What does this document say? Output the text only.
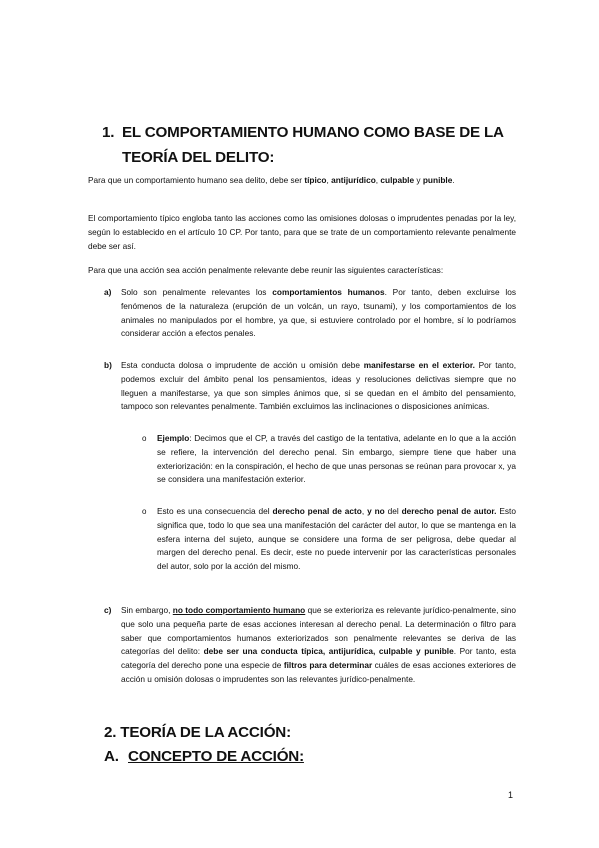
1. EL COMPORTAMIENTO HUMANO COMO BASE DE LA TEORÍA DEL DELITO:

Para que un comportamiento humano sea delito, debe ser típico, antijurídico, culpable y punible.

El comportamiento típico engloba tanto las acciones como las omisiones dolosas o imprudentes penadas por la ley, según lo establecido en el artículo 10 CP. Por tanto, para que se trate de un comportamiento relevante penalmente debe ser así.

Para que una acción sea acción penalmente relevante debe reunir las siguientes características:

a)	Solo son penalmente relevantes los comportamientos humanos. Por tanto, deben excluirse los fenómenos de la naturaleza (erupción de un volcán, un rayo, tsunami), y los comportamientos de los animales no manipulados por el hombre, ya que, si estuviere controlado por el hombre, sí lo podríamos considerar acción a efectos penales.
b)	Esta conducta dolosa o imprudente de acción u omisión debe manifestarse en el exterior. Por tanto, podemos excluir del ámbito penal los pensamientos, ideas y resoluciones delictivas siempre que no lleguen a manifestarse, ya que son simples ánimos que, si se quedan en el ámbito del pensamiento, tampoco son relevantes penalmente. También excluimos las inclinaciones o disposiciones anímicas.
o	Ejemplo: Decimos que el CP, a través del castigo de la tentativa, adelante en lo que a la acción se refiere, la intervención del derecho penal. Sin embargo, siempre tiene que haber una exteriorización: en la conspiración, el hecho de que unas personas se reúnan para provocar x, ya se considera una manifestación exterior.
o	Esto es una consecuencia del derecho penal de acto, y no del derecho penal de autor. Esto significa que, todo lo que sea una manifestación del carácter del autor, lo que se mantenga en la esfera interna del sujeto, aunque se considere una forma de ser peligrosa, debe quedar al margen del derecho penal. Es decir, este no puede intervenir por las características personales del autor, solo por la acción del mismo.
c)	Sin embargo, no todo comportamiento humano que se exterioriza es relevante jurídico-penalmente, sino que solo una pequeña parte de esas acciones interesan al derecho penal. La determinación o filtro para saber que comportamientos humanos exteriorizados son penalmente relevantes se deriva de las categorías del delito: debe ser una conducta típica, antijurídica, culpable y punible. Por tanto, esta categoría del derecho pone una especie de filtros para determinar cuáles de esas acciones exteriores de acción u omisión dolosas o imprudentes son las relevantes jurídico-penalmente.
2. TEORÍA DE LA ACCIÓN:
A. CONCEPTO DE ACCIÓN:
1
